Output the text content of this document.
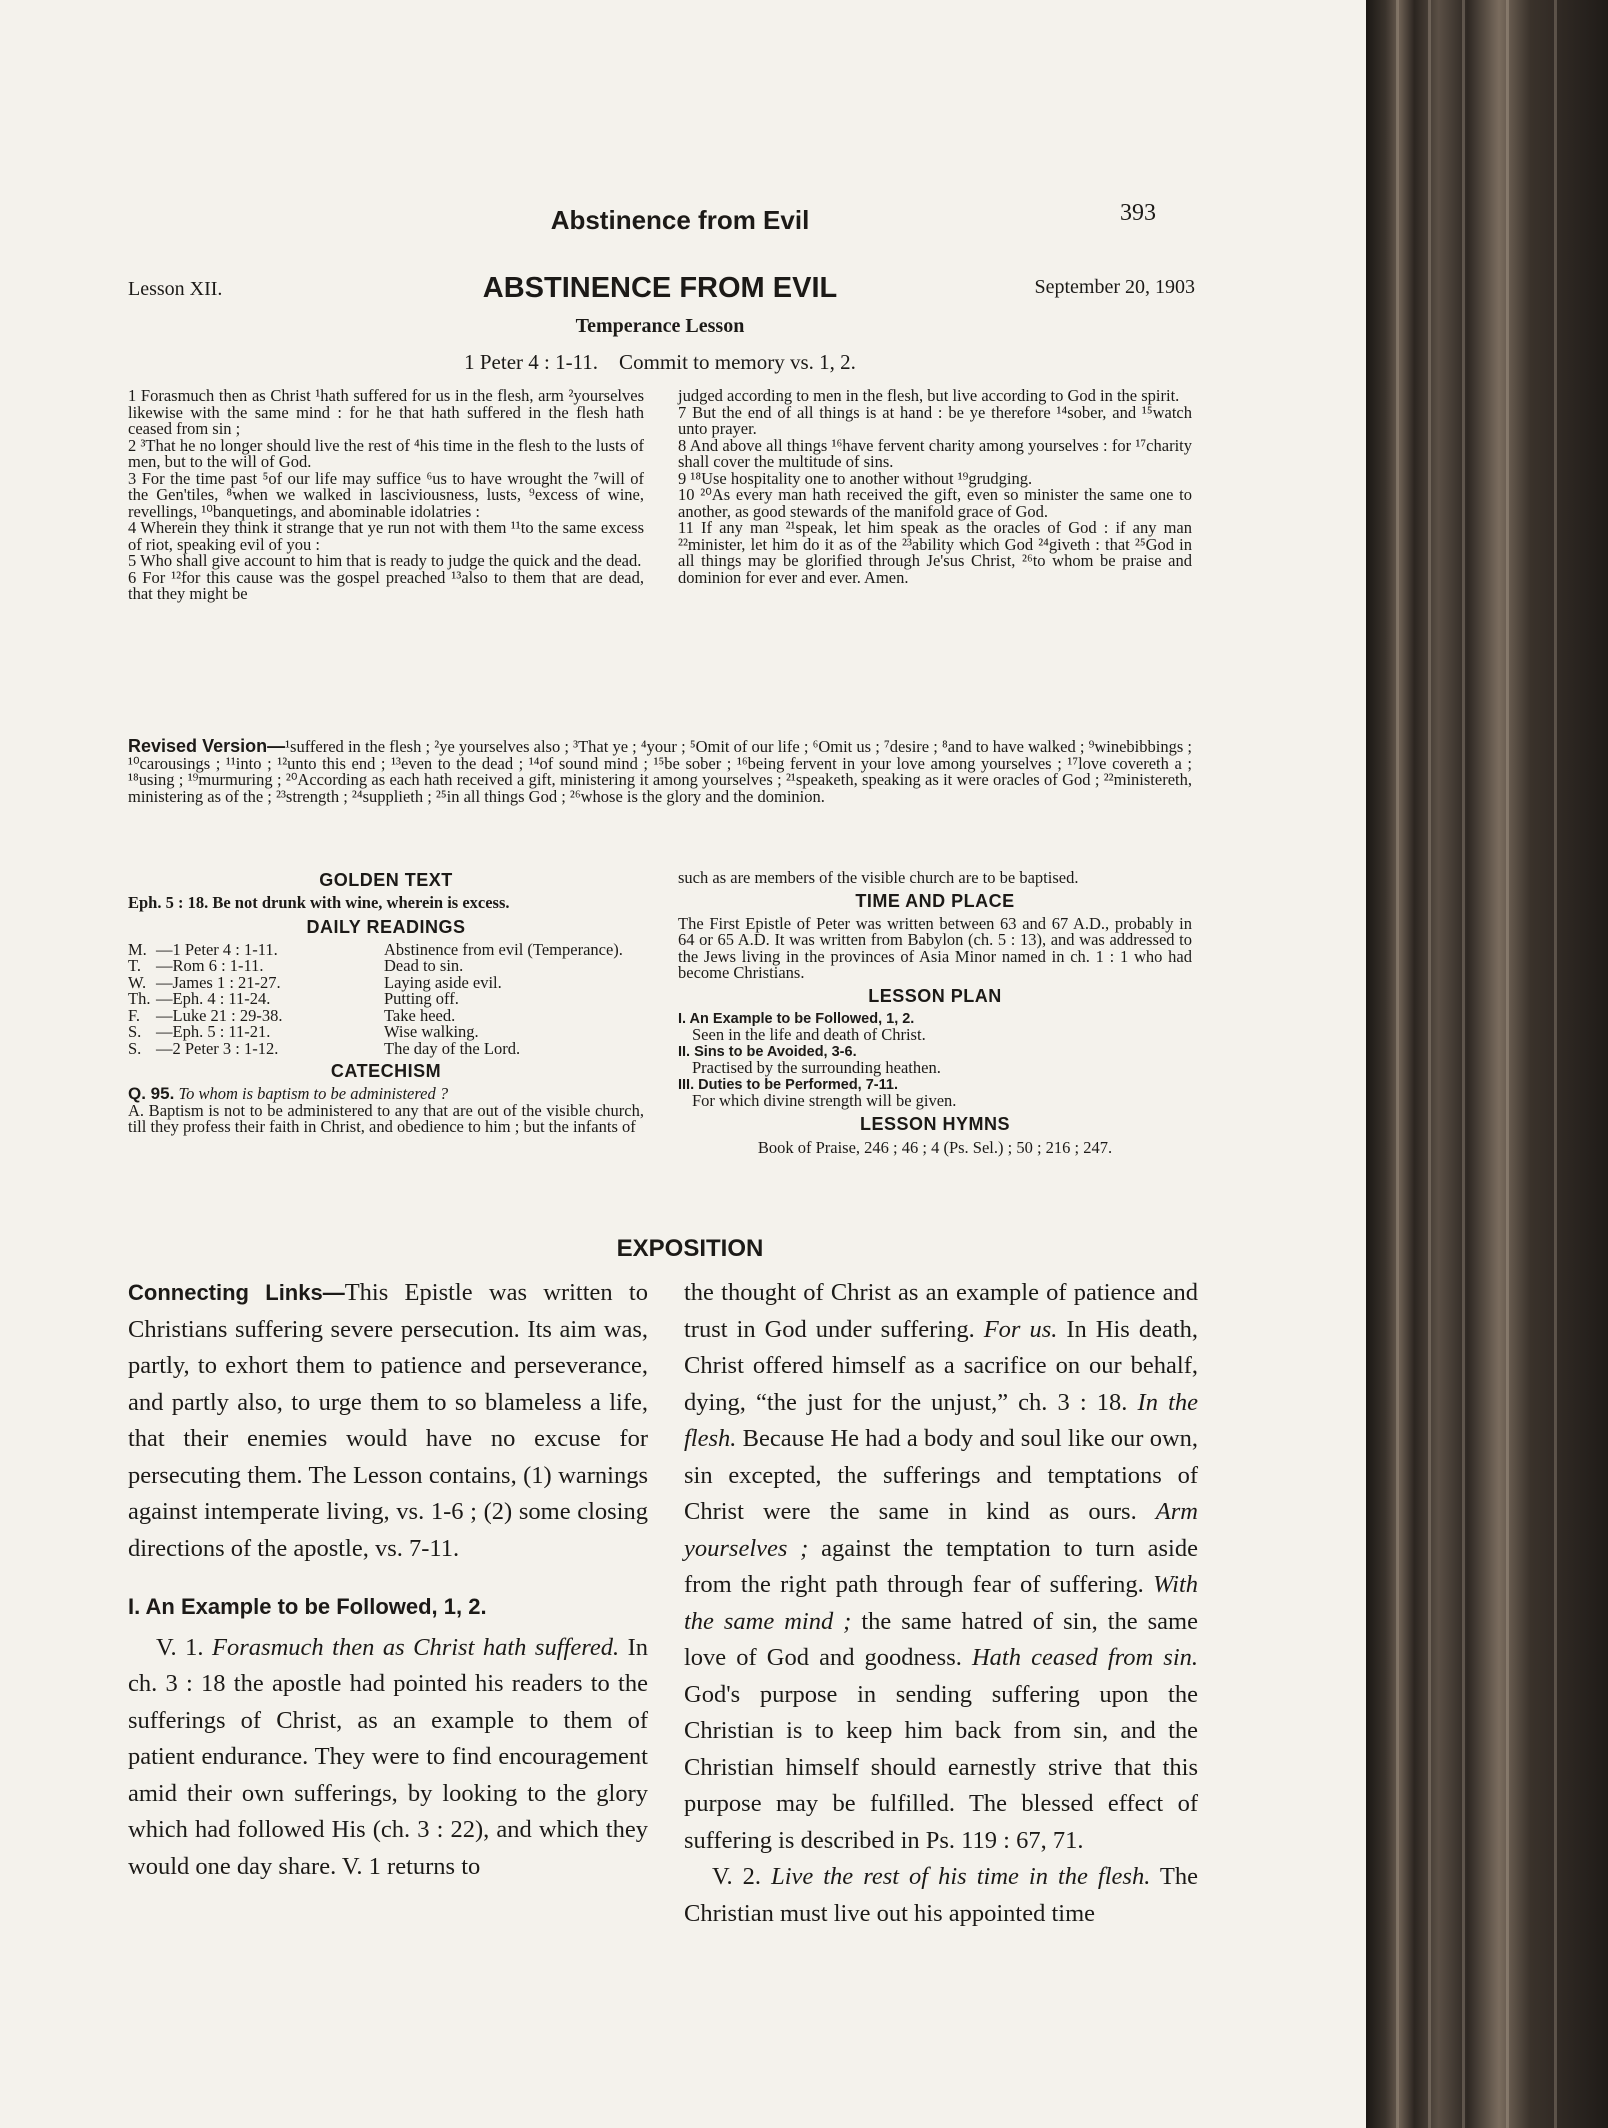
Abstinence from Evil	393
Lesson XII.	ABSTINENCE FROM EVIL	September 20, 1903
Temperance Lesson
1 Peter 4 : 1-11.    Commit to memory vs. 1, 2.

1 Forasmuch then as Christ ¹hath suffered for us in the flesh, arm ²yourselves likewise with the same mind : for he that hath suffered in the flesh hath ceased from sin ;

2 ³That he no longer should live the rest of ⁴his time in the flesh to the lusts of men, but to the will of God.

3 For the time past ⁵of our life may suffice ⁶us to have wrought the ⁷will of the Gen'tiles, ⁸when we walked in lasciviousness, lusts, ⁹excess of wine, revellings, ¹⁰banquetings, and abominable idolatries :

4 Wherein they think it strange that ye run not with them ¹¹to the same excess of riot, speaking evil of you :

5 Who shall give account to him that is ready to judge the quick and the dead.

6 For ¹²for this cause was the gospel preached ¹³also to them that are dead, that they might be

judged according to men in the flesh, but live according to God in the spirit.

7 But the end of all things is at hand : be ye therefore ¹⁴sober, and ¹⁵watch unto prayer.

8 And above all things ¹⁶have fervent charity among yourselves : for ¹⁷charity shall cover the multitude of sins.

9 ¹⁸Use hospitality one to another without ¹⁹grudging.

10 ²⁰As every man hath received the gift, even so minister the same one to another, as good stewards of the manifold grace of God.

11 If any man ²¹speak, let him speak as the oracles of God : if any man ²²minister, let him do it as of the ²³ability which God ²⁴giveth : that ²⁵God in all things may be glorified through Je'sus Christ, ²⁶to whom be praise and dominion for ever and ever. Amen.

Revised Version—¹suffered in the flesh ; ²ye yourselves also ; ³That ye ; ⁴your ; ⁵Omit of our life ; ⁶Omit us ; ⁷desire ; ⁸and to have walked ; ⁹winebibbings ; ¹⁰carousings ; ¹¹into ; ¹²unto this end ; ¹³even to the dead ; ¹⁴of sound mind ; ¹⁵be sober ; ¹⁶being fervent in your love among yourselves ; ¹⁷love covereth a ; ¹⁸using ; ¹⁹murmuring ; ²⁰According as each hath received a gift, ministering it among yourselves ; ²¹speaketh, speaking as it were oracles of God ; ²²ministereth, ministering as of the ; ²³strength ; ²⁴supplieth ; ²⁵in all things God ; ²⁶whose is the glory and the dominion.
GOLDEN TEXT
Eph. 5 : 18. Be not drunk with wine, wherein is excess.
DAILY READINGS
M.	—1 Peter 4 : 1-11.	Abstinence from evil (Temperance).
T.	—Rom 6 : 1-11.	Dead to sin.
W.	—James 1 : 21-27.	Laying aside evil.
Th.	—Eph. 4 : 11-24.	Putting off.
F.	—Luke 21 : 29-38.	Take heed.
S.	—Eph. 5 : 11-21.	Wise walking.
S.	—2 Peter 3 : 1-12.	The day of the Lord.
CATECHISM
Q. 95. To whom is baptism to be administered ?
A. Baptism is not to be administered to any that are out of the visible church, till they profess their faith in Christ, and obedience to him ; but the infants of
such as are members of the visible church are to be baptised.
TIME AND PLACE
The First Epistle of Peter was written between 63 and 67 A.D., probably in 64 or 65 A.D. It was written from Babylon (ch. 5 : 13), and was addressed to the Jews living in the provinces of Asia Minor named in ch. 1 : 1 who had become Christians.
LESSON PLAN
I. An Example to be Followed, 1, 2.
Seen in the life and death of Christ.
II. Sins to be Avoided, 3-6.
Practised by the surrounding heathen.
III. Duties to be Performed, 7-11.
For which divine strength will be given.
LESSON HYMNS
Book of Praise, 246 ; 46 ; 4 (Ps. Sel.) ; 50 ; 216 ; 247.
EXPOSITION

Connecting Links—This Epistle was written to Christians suffering severe persecution. Its aim was, partly, to exhort them to patience and perseverance, and partly also, to urge them to so blameless a life, that their enemies would have no excuse for persecuting them. The Lesson contains, (1) warnings against intemperate living, vs. 1-6 ; (2) some closing directions of the apostle, vs. 7-11.

I. An Example to be Followed, 1, 2.

V. 1. Forasmuch then as Christ hath suffered. In ch. 3 : 18 the apostle had pointed his readers to the sufferings of Christ, as an example to them of patient endurance. They were to find encouragement amid their own sufferings, by looking to the glory which had followed His (ch. 3 : 22), and which they would one day share. V. 1 returns to

the thought of Christ as an example of patience and trust in God under suffering. For us. In His death, Christ offered himself as a sacrifice on our behalf, dying, “the just for the unjust,” ch. 3 : 18. In the flesh. Because He had a body and soul like our own, sin excepted, the sufferings and temptations of Christ were the same in kind as ours. Arm yourselves ; against the temptation to turn aside from the right path through fear of suffering. With the same mind ; the same hatred of sin, the same love of God and goodness. Hath ceased from sin. God's purpose in sending suffering upon the Christian is to keep him back from sin, and the Christian himself should earnestly strive that this purpose may be fulfilled. The blessed effect of suffering is described in Ps. 119 : 67, 71.

V. 2. Live the rest of his time in the flesh. The Christian must live out his appointed time
